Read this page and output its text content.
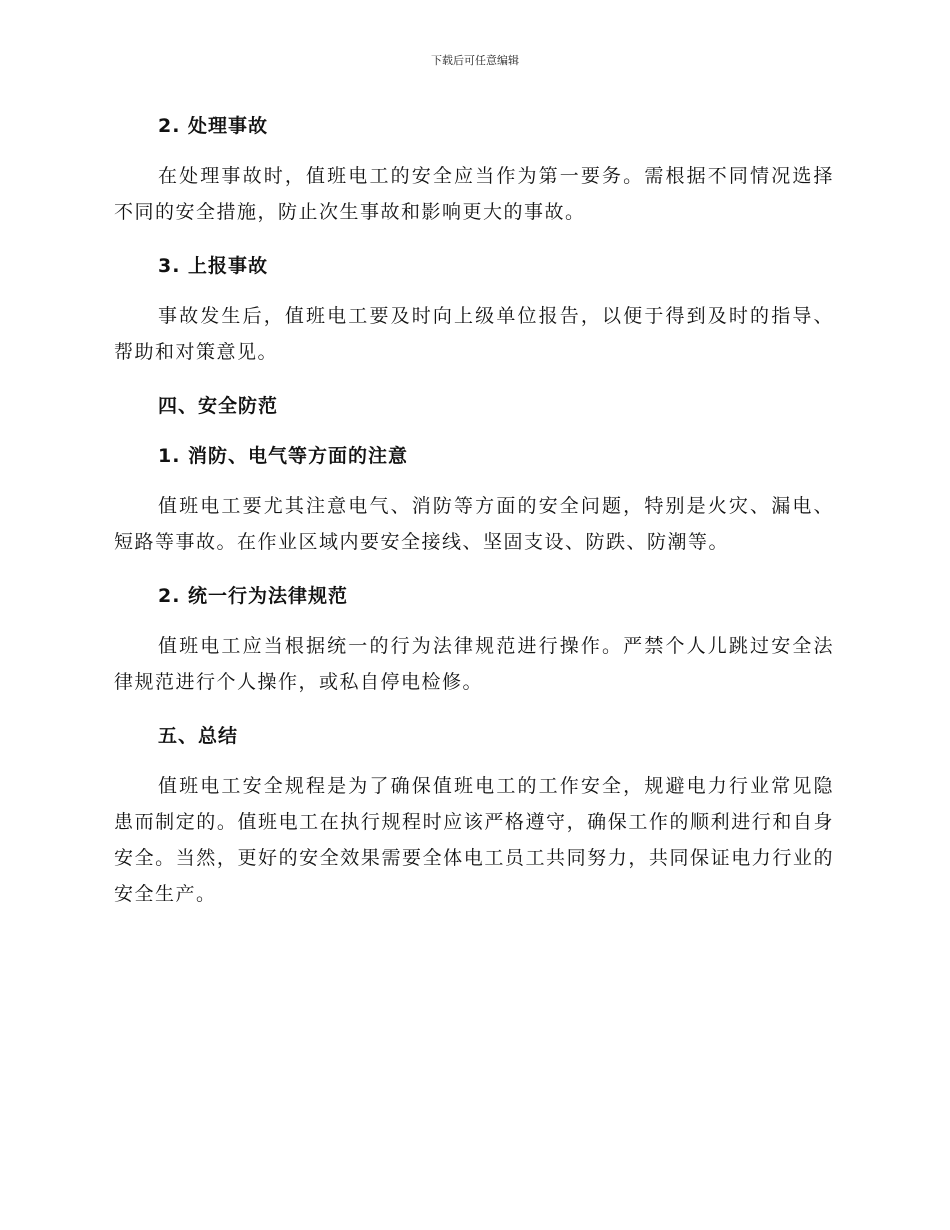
下载后可任意编辑
2. 处理事故

在处理事故时，值班电工的安全应当作为第一要务。需根据不同情况选择不同的安全措施，防止次生事故和影响更大的事故。

3. 上报事故

事故发生后，值班电工要及时向上级单位报告，以便于得到及时的指导、帮助和对策意见。

四、安全防范
1. 消防、电气等方面的注意

值班电工要尤其注意电气、消防等方面的安全问题，特别是火灾、漏电、短路等事故。在作业区域内要安全接线、坚固支设、防跌、防潮等。

2. 统一行为法律规范

值班电工应当根据统一的行为法律规范进行操作。严禁个人儿跳过安全法律规范进行个人操作，或私自停电检修。

五、总结

值班电工安全规程是为了确保值班电工的工作安全，规避电力行业常见隐患而制定的。值班电工在执行规程时应该严格遵守，确保工作的顺利进行和自身安全。当然，更好的安全效果需要全体电工员工共同努力，共同保证电力行业的安全生产。
